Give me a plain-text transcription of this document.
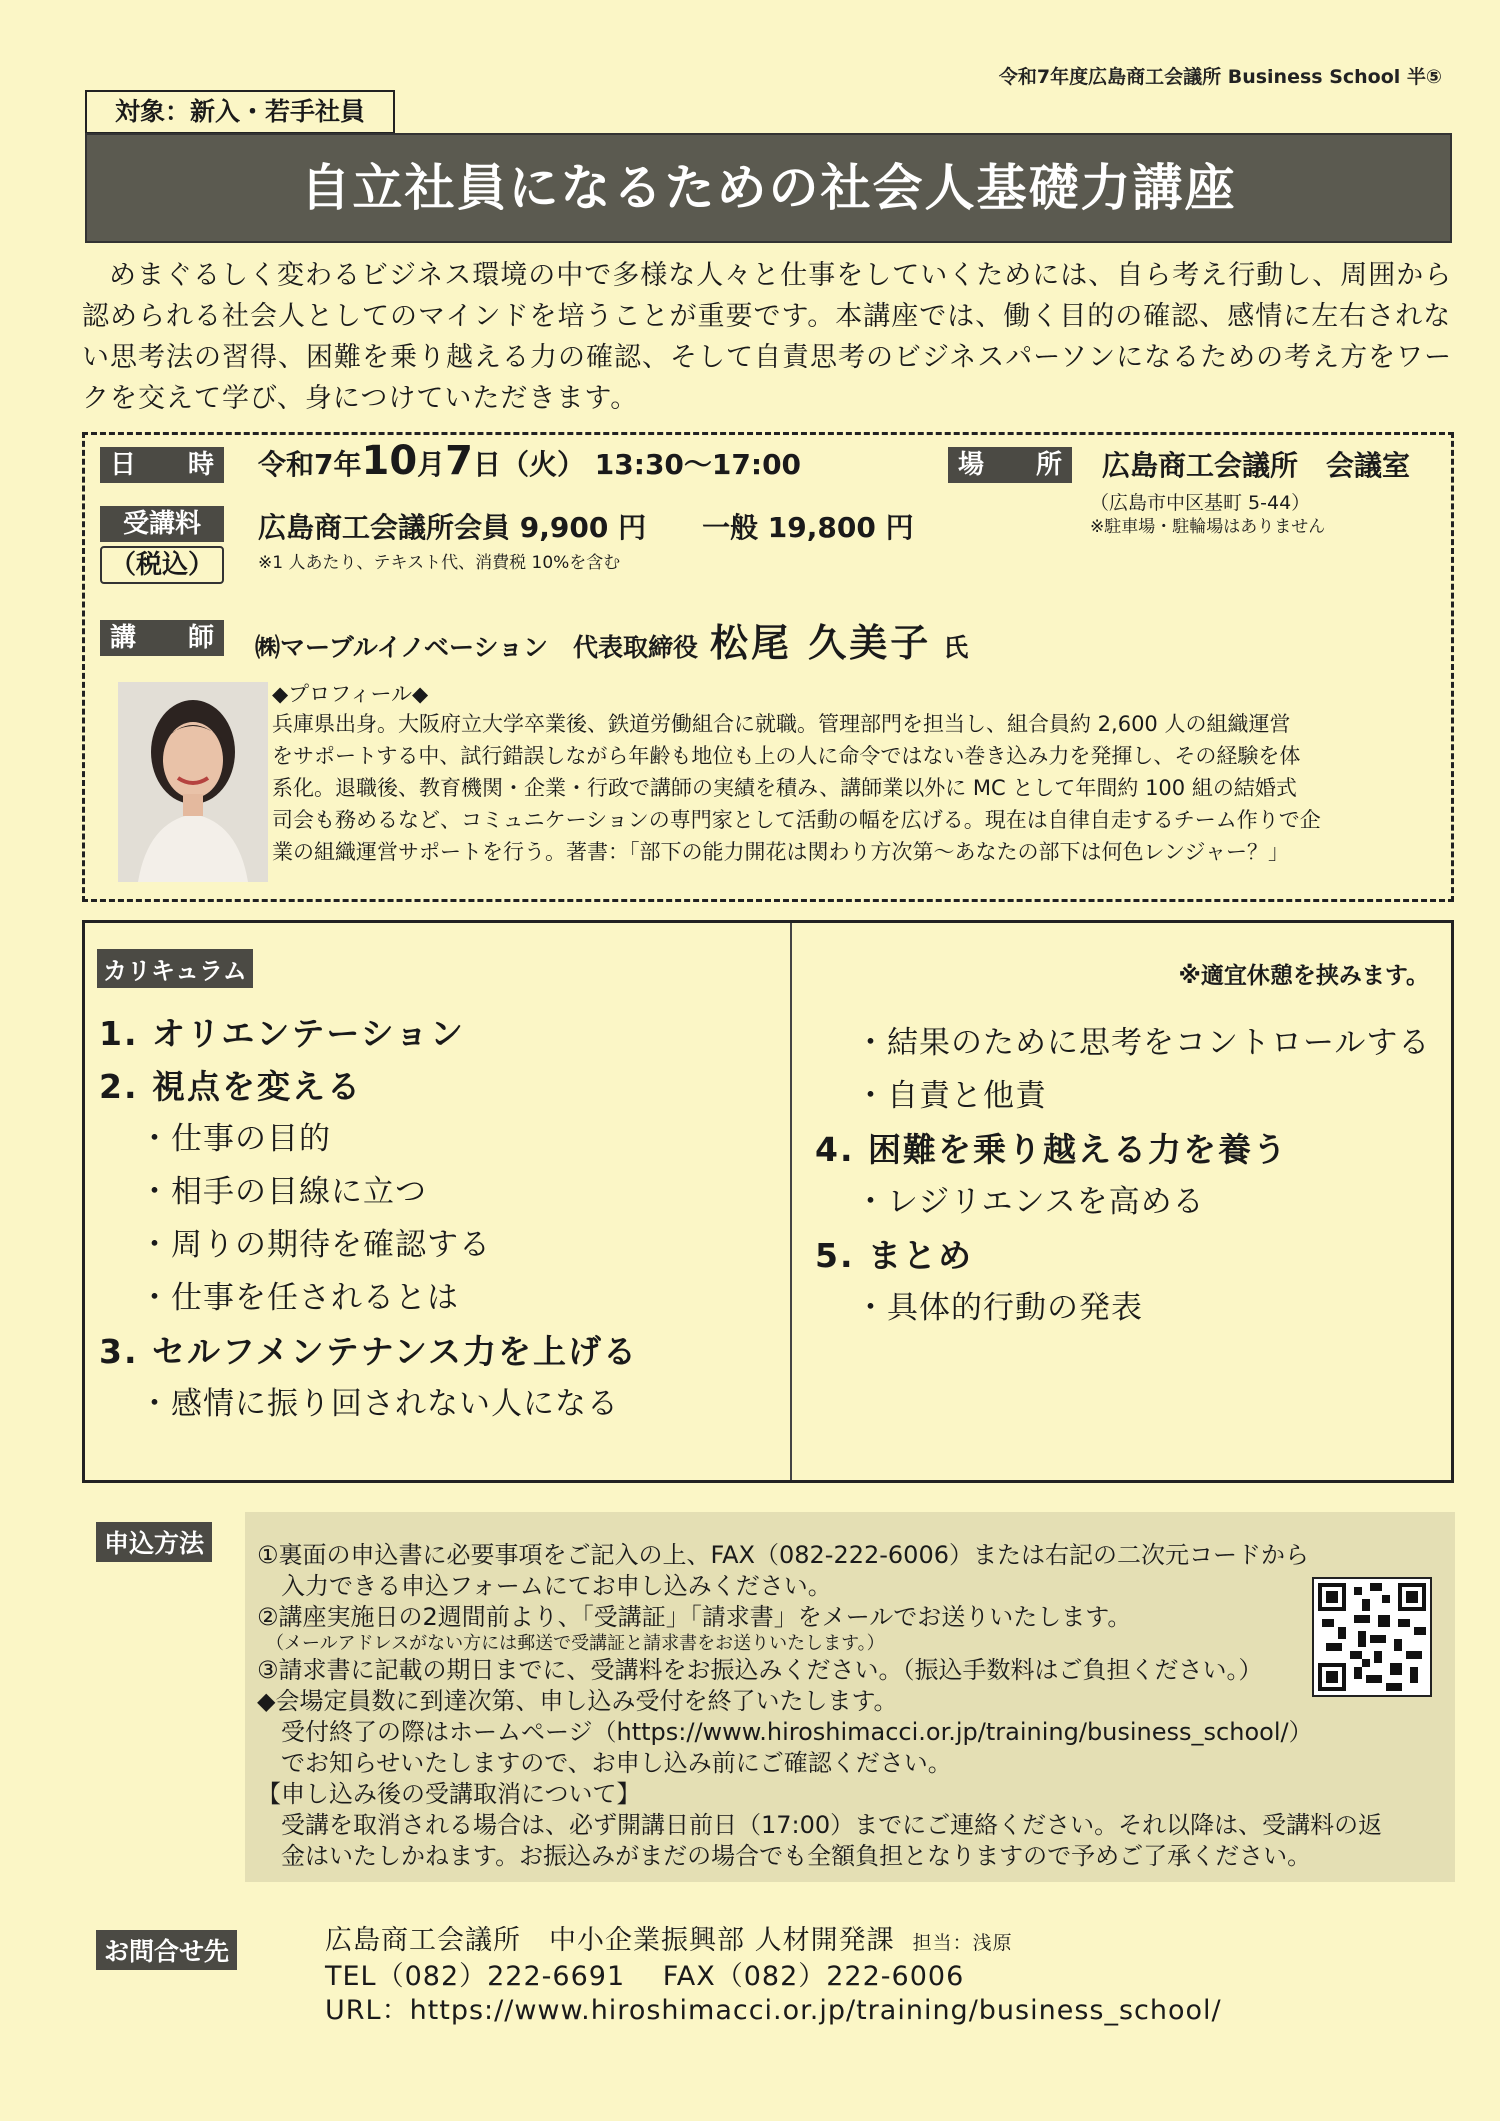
令和7年度広島商工会議所 Business School 半⑤
対象：新入・若手社員
自立社員になるための社会人基礎力講座
めまぐるしく変わるビジネス環境の中で多様な人々と仕事をしていくためには、自ら考え行動し、周囲から
認められる社会人としてのマインドを培うことが重要です。本講座では、働く目的の確認、感情に左右されな
い思考法の習得、困難を乗り越える力の確認、そして自責思考のビジネスパーソンになるための考え方をワー
クを交えて学び、身につけていただきます。
日 時 令和7年10月7日（火） 13:30～17:00	場 所 広島商工会議所　会議室
（広島市中区基町 5-44）
※駐車場・駐輪場はありません
受講料
（税込）
広島商工会議所会員 9,900 円　　一般 19,800 円
※1 人あたり、テキスト代、消費税 10%を含む
講 師 ㈱マーブルイノベーション　代表取締役 松尾 久美子 氏
◆プロフィール◆
兵庫県出身。大阪府立大学卒業後、鉄道労働組合に就職。管理部門を担当し、組合員約 2,600 人の組織運営
をサポートする中、試行錯誤しながら年齢も地位も上の人に命令ではない巻き込み力を発揮し、その経験を体
系化。退職後、教育機関・企業・行政で講師の実績を積み、講師業以外に MC として年間約 100 組の結婚式
司会も務めるなど、コミュニケーションの専門家として活動の幅を広げる。現在は自律自走するチーム作りで企
業の組織運営サポートを行う。著書：「部下の能力開花は関わり方次第～あなたの部下は何色レンジャー？」
カリキュラム	※適宜休憩を挟みます。
1. オリエンテーション
2. 視点を変える
・仕事の目的
・相手の目線に立つ
・周りの期待を確認する
・仕事を任されるとは
3. セルフメンテナンス力を上げる
・感情に振り回されない人になる
・結果のために思考をコントロールする
・自責と他責
4. 困難を乗り越える力を養う
・レジリエンスを高める
5. まとめ
・具体的行動の発表
申込方法	①裏面の申込書に必要事項をご記入の上、FAX（082-222-6006）または右記の二次元コードから
　入力できる申込フォームにてお申し込みください。
②講座実施日の2週間前より、「受講証」「請求書」をメールでお送りいたします。
　（メールアドレスがない方には郵送で受講証と請求書をお送りいたします。）
③請求書に記載の期日までに、受講料をお振込みください。（振込手数料はご負担ください。）
◆会場定員数に到達次第、申し込み受付を終了いたします。
　受付終了の際はホームページ（https://www.hiroshimacci.or.jp/training/business_school/）
　でお知らせいたしますので、お申し込み前にご確認ください。
【申し込み後の受講取消について】
　受講を取消される場合は、必ず開講日前日（17:00）までにご連絡ください。それ以降は、受講料の返
　金はいたしかねます。お振込みがまだの場合でも全額負担となりますので予めご了承ください。
お問合せ先	広島商工会議所　中小企業振興部 人材開発課 担当：浅原
TEL（082）222-6691　 FAX（082）222-6006
URL：https://www.hiroshimacci.or.jp/training/business_school/
